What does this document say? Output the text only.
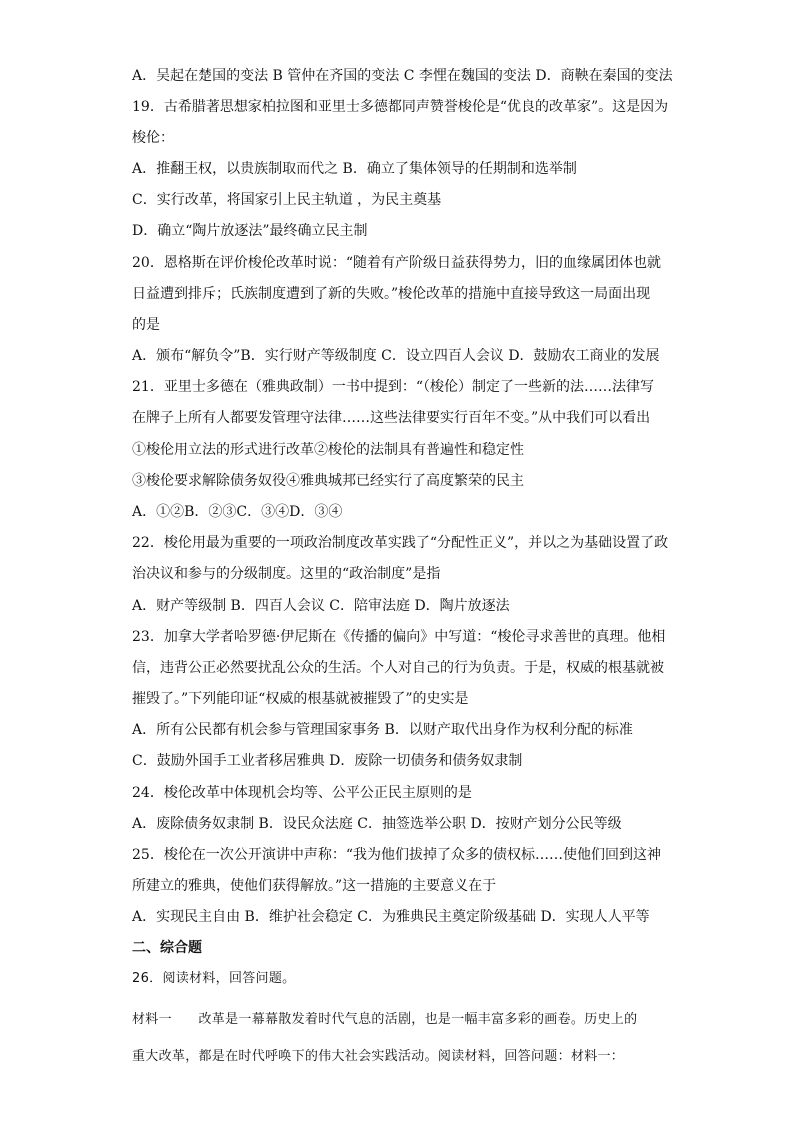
A．吴起在楚国的变法 B 管仲在齐国的变法 C 李悝在魏国的变法 D．商鞅在秦国的变法
19．古希腊著思想家柏拉图和亚里士多德都同声赞誉梭伦是“优良的改革家”。这是因为
梭伦：
A．推翻王权，以贵族制取而代之 B．确立了集体领导的任期制和选举制
C．实行改革，将国家引上民主轨道 ，为民主奠基
D．确立“陶片放逐法”最终确立民主制
20．恩格斯在评价梭伦改革时说：“随着有产阶级日益获得势力，旧的血缘属团体也就
日益遭到排斥；氏族制度遭到了新的失败。”梭伦改革的措施中直接导致这一局面出现
的是
A．颁布“解负令”B．实行财产等级制度 C．设立四百人会议 D．鼓励农工商业的发展
21．亚里士多德在（雅典政制）一书中提到：“（梭伦）制定了一些新的法……法律写
在牌子上所有人都要发管理守法律……这些法律要实行百年不变。”从中我们可以看出
①梭伦用立法的形式进行改革②梭伦的法制具有普遍性和稳定性
③梭伦要求解除债务奴役④雅典城邦已经实行了高度繁荣的民主
A．①②B．②③C．③④D．③④
22．梭伦用最为重要的一项政治制度改革实践了“分配性正义”，并以之为基础设置了政
治决议和参与的分级制度。这里的“政治制度”是指
A．财产等级制 B．四百人会议 C．陪审法庭 D．陶片放逐法
23．加拿大学者哈罗德·伊尼斯在《传播的偏向》中写道：“梭伦寻求善世的真理。他相
信，违背公正必然要扰乱公众的生活。个人对自己的行为负责。于是，权威的根基就被
摧毁了。”下列能印证“权威的根基就被摧毁了”的史实是
A．所有公民都有机会参与管理国家事务 B．以财产取代出身作为权利分配的标准
C．鼓励外国手工业者移居雅典 D．废除一切债务和债务奴隶制
24．梭伦改革中体现机会均等、公平公正民主原则的是
A．废除债务奴隶制 B．设民众法庭 C．抽签选举公职 D．按财产划分公民等级
25．梭伦在一次公开演讲中声称：“我为他们拔掉了众多的债权标……使他们回到这神
所建立的雅典，使他们获得解放。”这一措施的主要意义在于
A．实现民主自由 B．维护社会稳定 C．为雅典民主奠定阶级基础 D．实现人人平等
二、综合题
26．阅读材料，回答问题。
材料一　　改革是一幕幕散发着时代气息的活剧，也是一幅丰富多彩的画卷。历史上的
重大改革，都是在时代呼唤下的伟大社会实践活动。阅读材料，回答问题：材料一：
